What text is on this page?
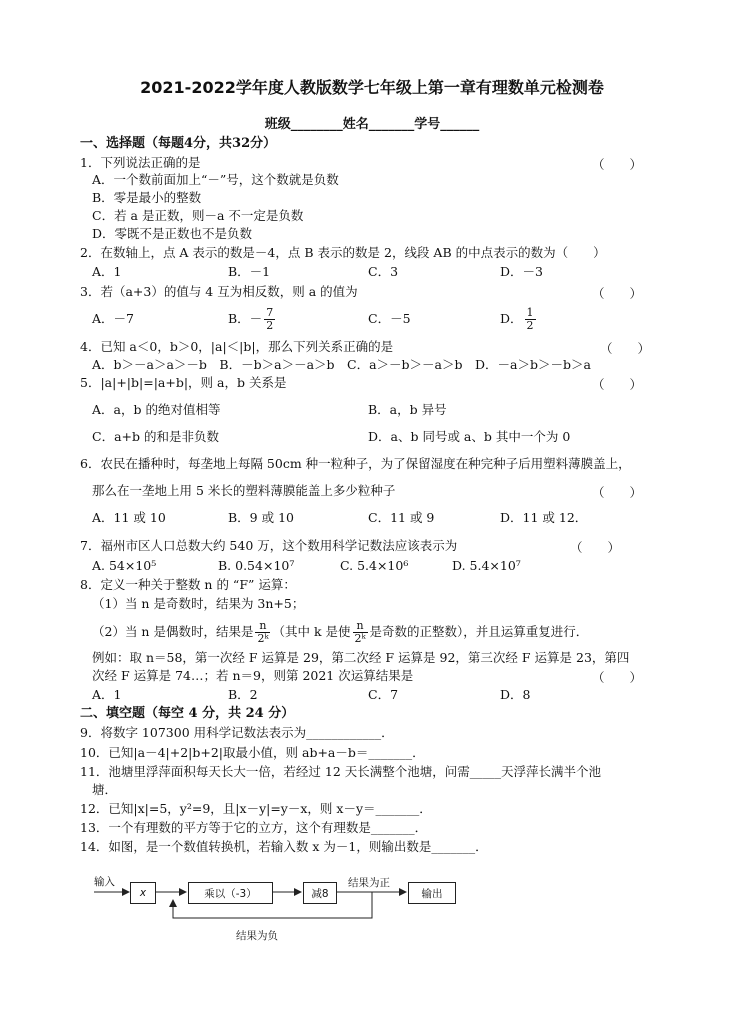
2021-2022学年度人教版数学七年级上第一章有理数单元检测卷
班级________姓名_______学号______
一、选择题（每题4分，共32分）
1．下列说法正确的是	（　　）
A．一个数前面加上“－”号，这个数就是负数
B．零是最小的整数
C．若 a 是正数，则－a 不一定是负数
D．零既不是正数也不是负数
2．在数轴上，点 A 表示的数是－4，点 B 表示的数是 2，线段 AB 的中点表示的数为（　　）
A．1	B．－1	C．3	D．－3
3．若（a+3）的值与 4 互为相反数，则 a 的值为	（　　）
A．－7	B．－ $\frac{7}{2}$	C．－5	D． $\frac{1}{2}$
4．已知 a＜0，b＞0，|a|＜|b|，那么下列关系正确的是	（　　）
A．b＞－a＞a＞－b　B．－b＞a＞－a＞b　C．a＞－b＞－a＞b　D．－a＞b＞－b＞a
5．|a|+|b|=|a+b|，则 a，b 关系是	（　　）
A．a，b 的绝对值相等	B．a，b 异号
C．a+b 的和是非负数	D．a、b 同号或 a、b 其中一个为 0
6．农民在播种时，每垄地上每隔 50cm 种一粒种子，为了保留湿度在种完种子后用塑料薄膜盖上，
那么在一垄地上用 5 米长的塑料薄膜能盖上多少粒种子	（　　）
A．11 或 10	B．9 或 10	C．11 或 9	D．11 或 12．
7．福州市区人口总数大约 540 万，这个数用科学记数法应该表示为	（　　）
A. 54×10⁵	B. 0.54×10⁷	C. 5.4×10⁶	D. 5.4×10⁷
8．定义一种关于整数 n 的 “F” 运算：
（1）当 n 是奇数时，结果为 3n+5；
（2）当 n 是偶数时，结果是 $\frac{n}{\text{2ᵏ}}$ （其中 k 是使 $\frac{n}{\text{2ᵏ}}$ 是奇数的正整数），并且运算重复进行．
例如：取 n＝58，第一次经 F 运算是 29，第二次经 F 运算是 92，第三次经 F 运算是 23，第四
次经 F 运算是 74…；若 n＝9，则第 2021 次运算结果是	（　　）
A．1	B．2	C．7	D．8
二、填空题（每空 4 分，共 24 分）
9．将数字 107300 用科学记数法表示为____________．
10．已知|a－4|+2|b+2|取最小值，则 ab+a－b＝_______．
11．池塘里浮萍面积每天长大一倍，若经过 12 天长满整个池塘，问需_____天浮萍长满半个池
塘．
12．已知|x|=5，y²=9，且|x－y|=y－x，则 x－y＝_______．
13．一个有理数的平方等于它的立方，这个有理数是_______．
14．如图，是一个数值转换机，若输入数 x 为－1，则输出数是_______．
输入
x	乘以（-3）	减8
结果为正
输出
结果为负
